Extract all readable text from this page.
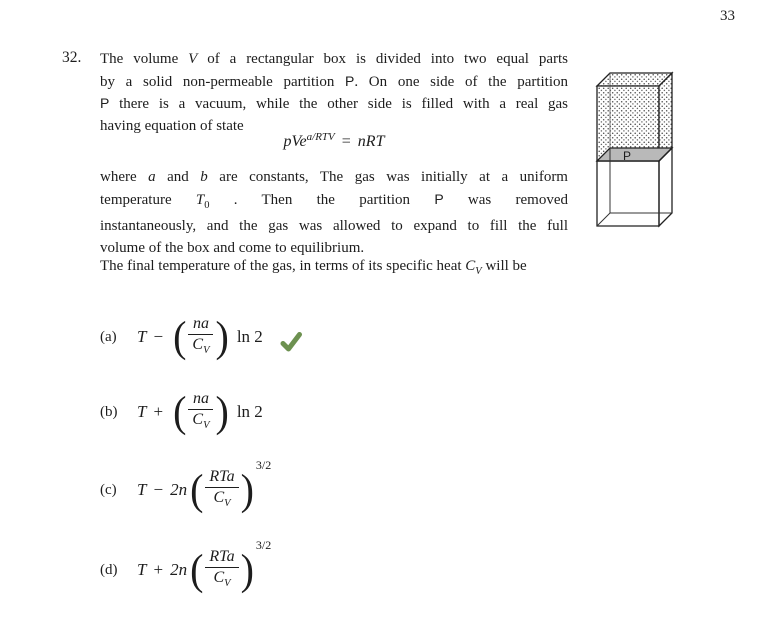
33
32. The volume V of a rectangular box is divided into two equal parts
by a solid non-permeable partition P. On one side of the partition
P there is a vacuum, while the other side is filled with a real gas
having equation of state
pVe$^{a/RTV}$ = nRT
where a and b are constants, The gas was initially at a uniform
temperature $T_0$ . Then the partition P was removed
instantaneously, and the gas was allowed to expand to fill the full
volume of the box and come to equilibrium.
The final temperature of the gas, in terms of its specific heat $C_V$ will be
(a)	T − ( $\frac{na}{C_V}$ ) ln 2
(b)	T + ( $\frac{na}{C_V}$ ) ln 2
(c)	T − 2n ( $\frac{\text{RTa}}{C_V}$ )
3/2
(d)	T + 2n ( $\frac{\text{RTa}}{C_V}$ )
3/2
P
